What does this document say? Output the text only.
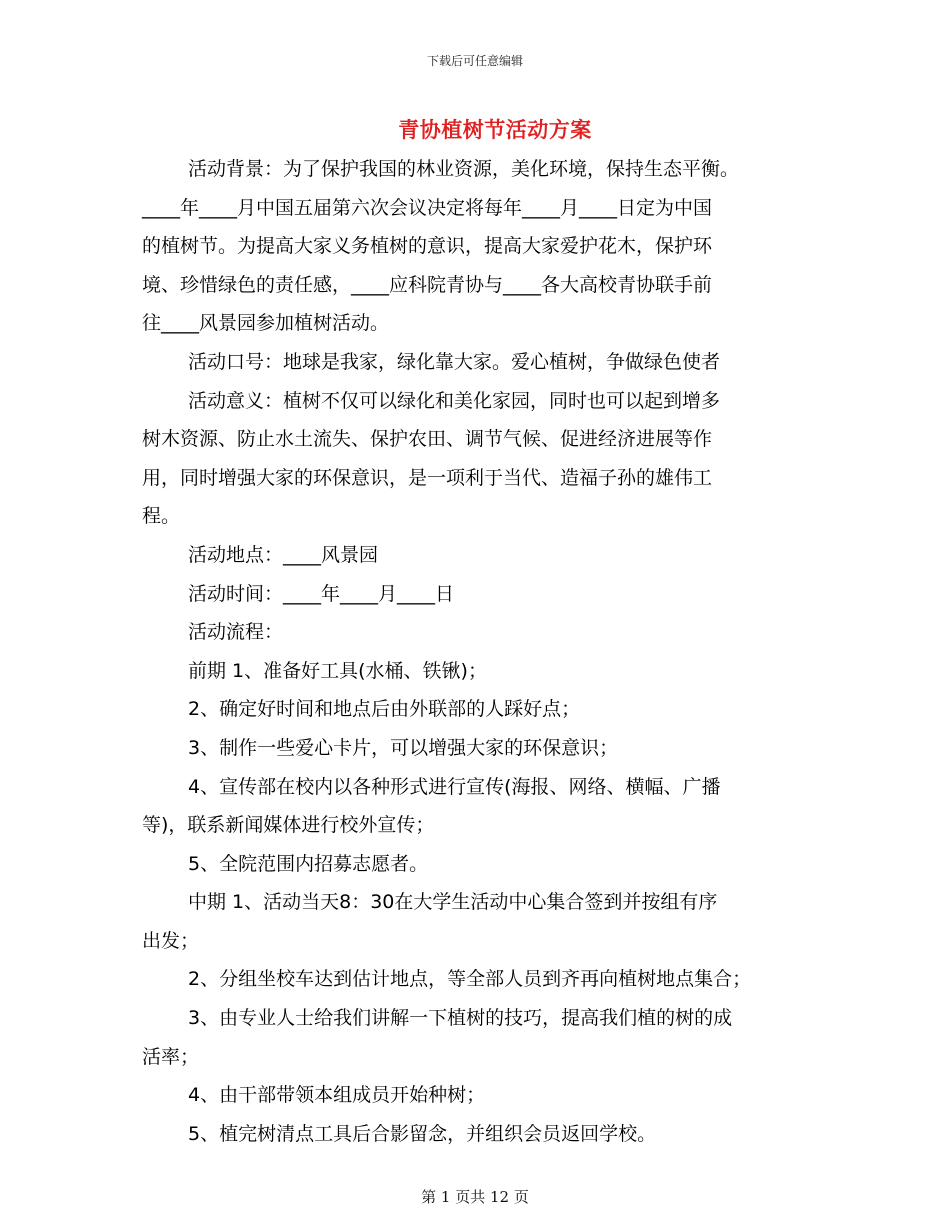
下载后可任意编辑
青协植树节活动方案

活动背景：为了保护我国的林业资源，美化环境，保持生态平衡。

____年____月中国五届第六次会议决定将每年____月____日定为中国

的植树节。为提高大家义务植树的意识，提高大家爱护花木，保护环

境、珍惜绿色的责任感，____应科院青协与____各大高校青协联手前

往____风景园参加植树活动。

活动口号：地球是我家，绿化靠大家。爱心植树，争做绿色使者

活动意义：植树不仅可以绿化和美化家园，同时也可以起到增多

树木资源、防止水土流失、保护农田、调节气候、促进经济进展等作

用，同时增强大家的环保意识，是一项利于当代、造福子孙的雄伟工

程。

活动地点：____风景园

活动时间：____年____月____日

活动流程：

前期 1、准备好工具(水桶、铁锹)；

2、确定好时间和地点后由外联部的人踩好点；

3、制作一些爱心卡片，可以增强大家的环保意识；

4、宣传部在校内以各种形式进行宣传(海报、网络、横幅、广播

等)，联系新闻媒体进行校外宣传；

5、全院范围内招募志愿者。

中期 1、活动当天8：30在大学生活动中心集合签到并按组有序

出发；

2、分组坐校车达到估计地点，等全部人员到齐再向植树地点集合；

3、由专业人士给我们讲解一下植树的技巧，提高我们植的树的成

活率；

4、由干部带领本组成员开始种树；

5、植完树清点工具后合影留念，并组织会员返回学校。

第 1 页共 12 页
